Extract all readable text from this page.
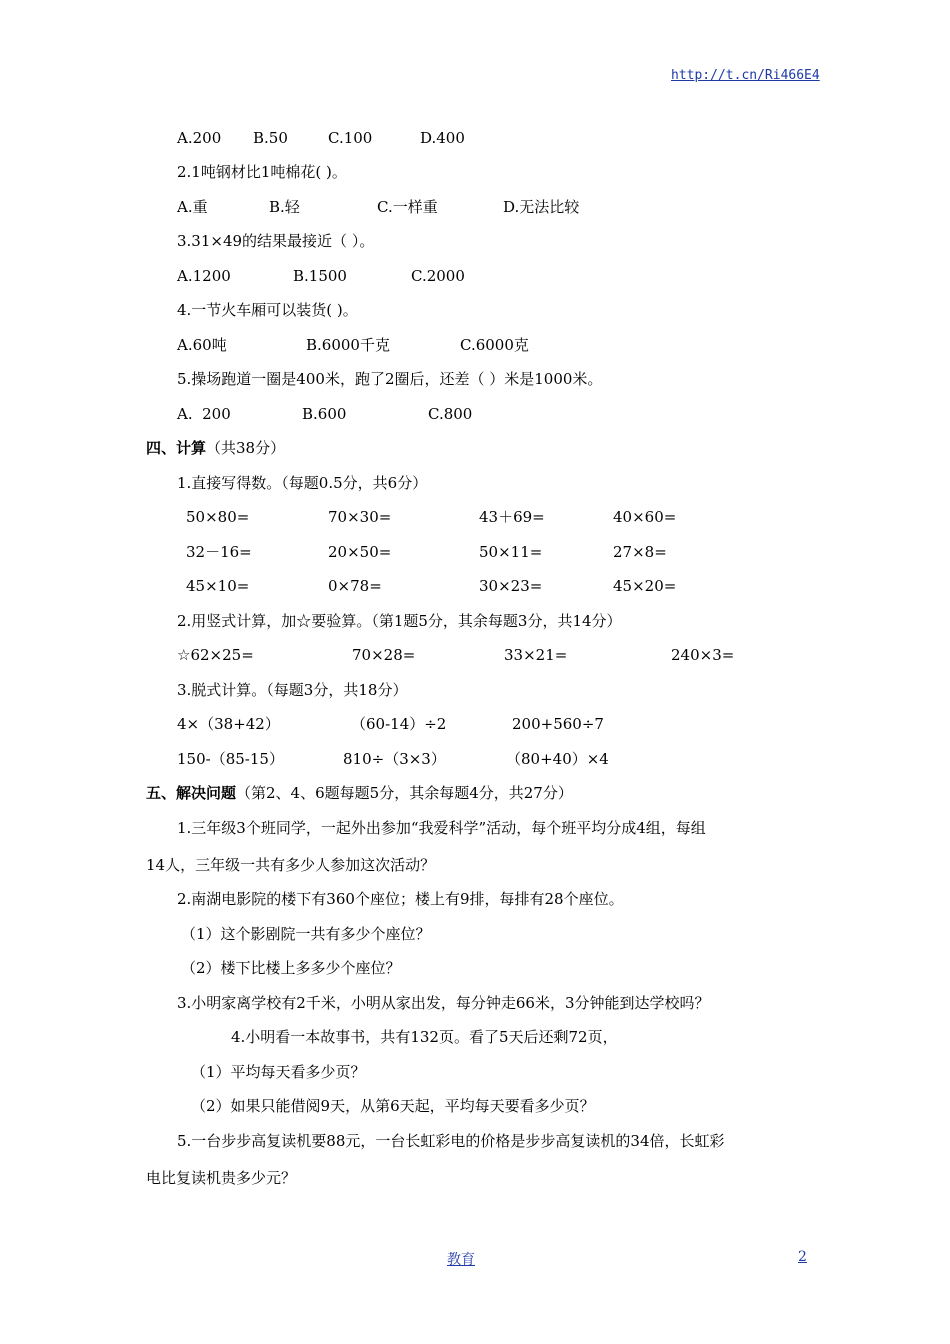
http://t.cn/Ri466E4
A.200 B.50	C.100	D.400
2.1吨钢材比1吨棉花( )。
A.重	B.轻	C.一样重	D.无法比较
3.31×49的结果最接近（ ）。
A.1200	B.1500	C.2000
4.一节火车厢可以装货( )。
A.60吨	B.6000千克	C.6000克
5.操场跑道一圈是400米，跑了2圈后，还差（ ）米是1000米。
A.  200	B.600	C.800
四、计算（共38分）
1.直接写得数。（每题0.5分，共6分）
50×80=	70×30=	43＋69=	40×60=
32－16=	20×50=	50×11=	27×8=
45×10=	0×78=	30×23=	45×20=
2.用竖式计算，加☆要验算。（第1题5分，其余每题3分，共14分）
☆62×25=	70×28=	33×21=	240×3=
3.脱式计算。（每题3分，共18分）
4×（38+42）	（60-14）÷2	200+560÷7
150-（85-15）	810÷（3×3）	（80+40）×4
五、解决问题（第2、4、6题每题5分，其余每题4分，共27分）
1.三年级3个班同学，一起外出参加“我爱科学”活动，每个班平均分成4组，每组
14人，三年级一共有多少人参加这次活动？
2.南湖电影院的楼下有360个座位；楼上有9排，每排有28个座位。
（1）这个影剧院一共有多少个座位？
（2）楼下比楼上多多少个座位？
3.小明家离学校有2千米，小明从家出发，每分钟走66米，3分钟能到达学校吗？
4.小明看一本故事书，共有132页。看了5天后还剩72页，
（1）平均每天看多少页？
（2）如果只能借阅9天，从第6天起，平均每天要看多少页？
5.一台步步高复读机要88元，一台长虹彩电的价格是步步高复读机的34倍，长虹彩
电比复读机贵多少元？
教育	2
